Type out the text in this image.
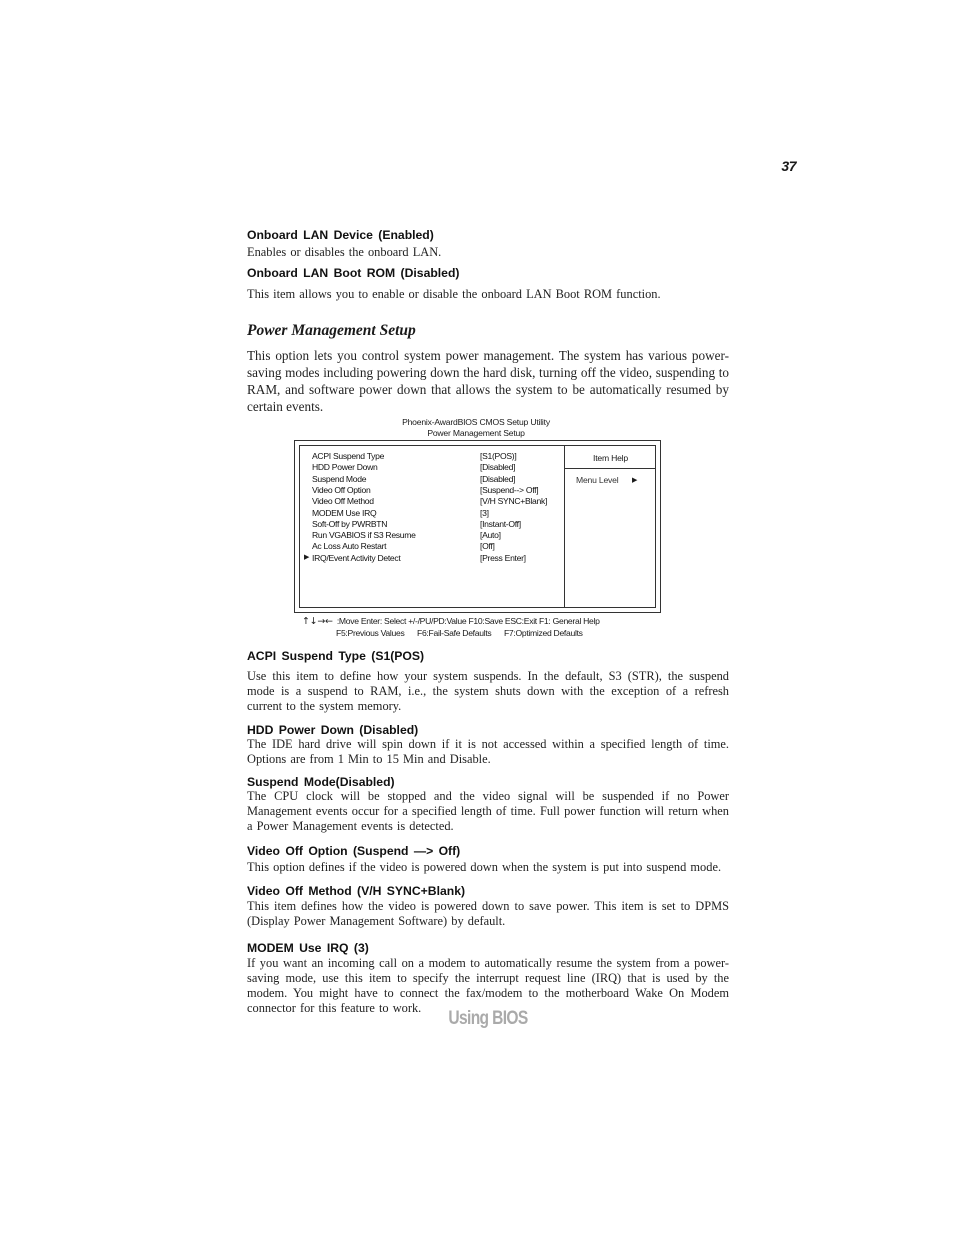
37
Onboard LAN Device (Enabled)
Enables or disables the onboard LAN.
Onboard LAN Boot ROM (Disabled)
This item allows you to enable or disable the onboard LAN Boot ROM function.
Power Management Setup
This option lets you control system power management. The system has various power-saving modes including powering down the hard disk, turning off the video, suspending to RAM, and software power down that allows the system to be automatically resumed by certain events.
Phoenix-AwardBIOS CMOS Setup Utility
Power Management Setup
ACPI Suspend Type	[S1(POS)]
HDD Power Down	[Disabled]
Suspend Mode	[Disabled]
Video Off Option	[Suspend--> Off]
Video Off Method	[V/H SYNC+Blank]
MODEM Use IRQ	[3]
Soft-Off by PWRBTN	[Instant-Off]
Run VGABIOS if S3 Resume	[Auto]
Ac Loss Auto Restart	[Off]
▶ IRQ/Event Activity Detect	[Press Enter]
Item Help
Menu Level ▶
↑↓→← :Move Enter: Select +/-/PU/PD:Value F10:Save ESC:Exit F1: General Help
F5:Previous Values      F6:Fail-Safe Defaults      F7:Optimized Defaults
ACPI Suspend Type (S1(POS)
Use this item to define how your system suspends. In the default, S3 (STR), the suspend mode is a suspend to RAM, i.e., the system shuts down with the exception of a refresh current to the system memory.
HDD Power Down (Disabled)
The IDE hard drive will spin down if it is not accessed within a specified length of time. Options are from 1 Min to 15 Min and Disable.
Suspend Mode(Disabled)
The CPU clock will be stopped and the video signal will be suspended if no Power Management events occur for a specified length of time. Full power function will return when a Power Management events is detected.
Video Off Option (Suspend —> Off)
This option defines if the video is powered down when the system is put into suspend mode.
Video Off Method (V/H SYNC+Blank)
This item defines how the video is powered down to save power. This item is set to DPMS (Display Power Management Software) by default.
MODEM Use IRQ (3)
If you want an incoming call on a modem to automatically resume the system from a power-saving mode, use this item to specify the interrupt request line (IRQ) that is used by the modem. You might have to connect the fax/modem to the motherboard Wake On Modem connector for this feature to work.	Using BIOS
